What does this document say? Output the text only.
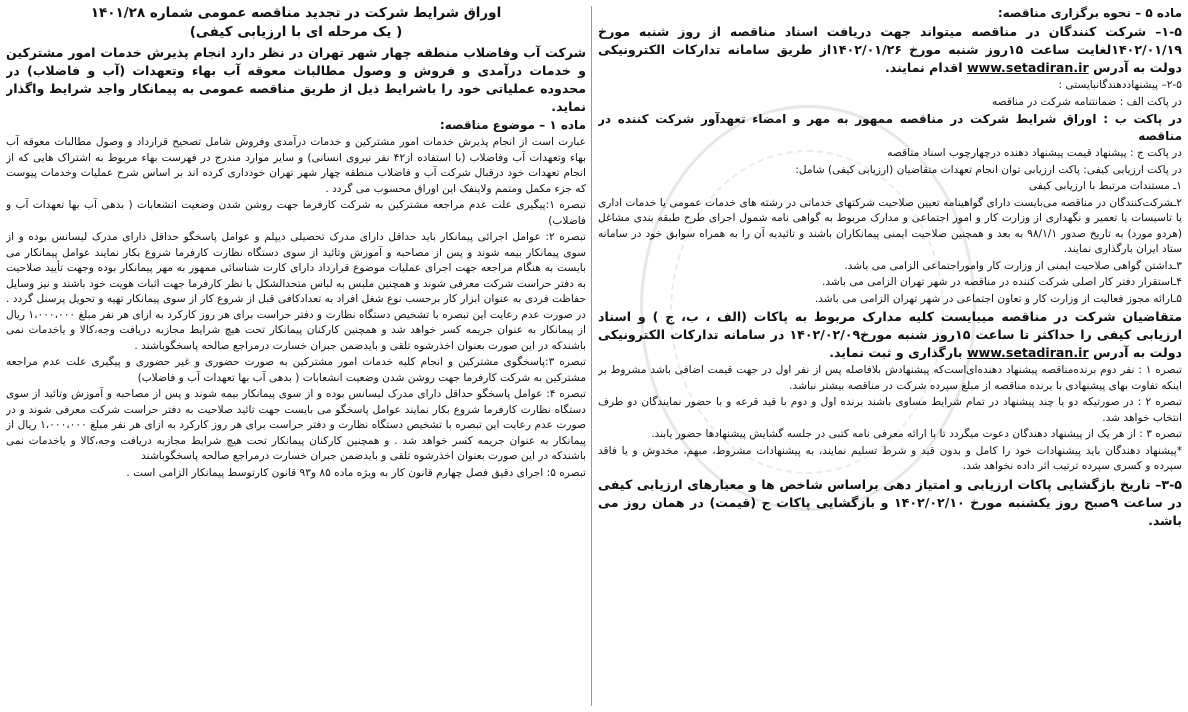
اوراق شرایط شرکت در تجدید مناقصه عمومی شماره ۱۴۰۱/۲۸

( یک مرحله ای با ارزیابی کیفی)

شرکت آب وفاضلاب منطقه چهار شهر تهران در نظر دارد انجام پذیرش خدمات امور مشترکین و خدمات درآمدی و فروش و وصول مطالبات معوقه آب بهاء وتعهدات (آب و فاضلاب) در محدوده عملیاتی خود را باشرایط ذیل از طریق مناقصه عمومی به پیمانکار واجد شرایط واگذار نماید.

ماده ۱ – موضوع مناقصه:

عبارت است از انجام پذیرش خدمات امور مشترکین و خدمات درآمدی وفروش شامل تصحیح قرارداد و وصول مطالبات معوقه آب بهاء وتعهدات آب وفاضلاب (با استفاده از۴۲ نفر نیروی انسانی) و سایر موارد مندرج در فهرست بهاء مربوط به اشتراک هایی که از انجام تعهدات خود درقبال شرکت آب و فاضلاب منطقه چهار شهر تهران خودداری کرده اند بر اساس شرح عملیات وخدمات پیوست که جزء مکمل ومتمم ولاینفک این اوراق محسوب می گردد .

تبصره ۱:پیگیری علت عدم مراجعه مشترکین به شرکت کارفرما جهت روشن شدن وضعیت انشعابات ( بدهی آب بها تعهدات آب و فاضلاب)

تبصره ۲: عوامل اجرائی پیمانکار باید حداقل دارای مدرک تحصیلی دیپلم و عوامل پاسخگو حداقل دارای مدرک لیسانس بوده و از سوی پیمانکار بیمه شوند و پس از مصاحبه و آموزش وتائید از سوی دستگاه نظارت کارفرما شروع بکار نمایند عوامل پیمانکار می بایست به هنگام مراجعه جهت اجرای عملیات موضوع قرارداد دارای کارت شناسائی ممهور به مهر پیمانکار بوده وجهت تأیید صلاحیت به دفتر حراست شرکت معرفی شوند و همچنین ملبس به لباس متحدالشکل با نظر کارفرما جهت اثبات هویت خود باشند و نیز وسایل حفاظت فردی به عنوان ابزار کار برحسب نوع شغل افراد به تعدادکافی قبل از شروع کار از سوی پیمانکار تهیه و تحویل پرسنل گردد . در صورت عدم رعایت این تبصره با تشخیص دستگاه نظارت و دفتر حراست برای هر روز کارکرد به ازای هر نفر مبلغ ۱،۰۰۰،۰۰۰ ریال از پیمانکار به عنوان جریمه کسر خواهد شد و همچنین کارکنان پیمانکار تحت هیچ شرایط مجازبه دریافت وجه،کالا و یاخدمات نمی باشندکه در این صورت بعنوان اخذرشوه تلقی و بایدضمن جبران خسارت درمراجع صالحه پاسخگوباشند .

تبصره ۳:پاسخگوی مشترکین و انجام کلیه خدمات امور مشترکین به صورت حضوری و غیر حضوری و پیگیری علت عدم مراجعه مشترکین به شرکت کارفرما جهت روشن شدن وضعیت انشعابات ( بدهی آب بها تعهدات آب و فاضلاب)

تبصره ۴: عوامل پاسخگو حداقل دارای مدرک لیسانس بوده و از سوی پیمانکار بیمه شوند و پس از مصاحبه و آموزش وتائید از سوی دستگاه نظارت کارفرما شروع بکار نمایند عوامل پاسخگو می بایست جهت تائید صلاحیت به دفتر حراست شرکت معرفی شوند و در صورت عدم رعایت این تبصره با تشخیص دستگاه نظارت و دفتر حراست برای هر روز کارکرد به ازای هر نفر مبلغ ۱،۰۰۰،۰۰۰ ریال از پیمانکار به عنوان جریمه کسر خواهد شد . و همچنین کارکنان پیمانکار تحت هیچ شرایط مجازبه دریافت وجه،کالا و یاخدمات نمی باشندکه در این صورت بعنوان اخذرشوه تلقی و بایدضمن جبران خسارت درمراجع صالحه پاسخگوباشند

تبصره ۵: اجرای دقیق فصل چهارم قانون کار به ویژه ماده ۸۵ و۹۳ قانون کارتوسط پیمانکار الزامی است .

ماده ۵ – نحوه برگزاری مناقصه:

۱-۵– شرکت کنندگان در مناقصه میتواند جهت دریافت اسناد مناقصه از روز شنبه مورخ ۱۴۰۲/۰۱/۱۹لغایت ساعت ۱۵روز شنبه مورخ ۱۴۰۲/۰۱/۲۶از طریق سامانه تدارکات الکترونیکی دولت به آدرس www.setadiran.ir اقدام نمایند.

۲-۵– پیشنهاددهندگانبایستی :

در پاکت الف : ضمانتنامه شرکت در مناقصه

در پاکت ب : اوراق شرایط شرکت در مناقصه ممهور به مهر و امضاء تعهدآور شرکت کننده در مناقصه

در پاکت ج : پیشنهاد قیمت پیشنهاد دهنده درچهارچوب اسناد مناقصه

در پاکت ارزیابی کیفی: پاکت ارزیابی توان انجام تعهدات متقاضیان (ارزیابی کیفی) شامل:

۱ـ مستندات مرتبط با ارزیابی کیفی

۲ـشرکت‌کنندگان در مناقصه می‌بایست دارای گواهینامه تعیین صلاحیت شرکتهای خدماتی در رشته های خدمات عمومی یا خدمات اداری یا تاسیسات یا تعمیر و نگهداری از وزارت کار و امور اجتماعی و مدارک مربوط به گواهی نامه شمول اجرای طرح طبقه بندی مشاغل (هردو مورد) به تاریخ صدور ۹۸/۱/۱ به بعد و همچنین صلاحیت ایمنی پیمانکاران باشند و تائیدیه آن را به همراه سوابق خود در سامانه ستاد ایران بارگذاری نمایند.

۳ـداشتن گواهی صلاحیت ایمنی از وزارت کار وامور‌اجتماعی الزامی می باشد.

۴ـاستقرار دفتر کار اصلی شرکت کننده در مناقصه در شهر تهران الزامی می باشد.

۵ـارائه مجوز فعالیت از وزارت کار و تعاون اجتماعی در شهر تهران الزامی می باشد.

متقاضیان شرکت در مناقصه میبایست کلیه مدارک مربوط به پاکات (الف ، ب، ج ) و اسناد ارزیابی کیفی را حداکثر تا ساعت ۱۵روز شنبه مورخ۱۴۰۲/۰۲/۰۹ در سامانه تدارکات الکترونیکی دولت به آدرس www.setadiran.ir بارگذاری و ثبت نماید.

تبصره ۱ : نفر دوم برنده‌مناقصه پیشنهاد دهنده‌ای‌است‌که پیشنهادش بلافاصله پس از نفر اول در جهت قیمت اضافی باشد مشروط بر اینکه تفاوت بهای پیشنهادی با برنده مناقصه از مبلغ سپرده شرکت در مناقصه بیشتر نباشد.

تبصره ۲ : در صورتیکه دو یا چند پیشنهاد در تمام شرایط مساوی باشند برنده اول و دوم با قید قرعه و با حضور نمایندگان دو طرف انتخاب خواهد شد.

تبصره ۳ : از هر یک از پیشنهاد دهندگان دعوت میگردد تا با ارائه معرفی نامه کتبی در جلسه گشایش پیشنهادها حضور یابند.

*پیشنهاد دهندگان باید پیشنهادات خود را کامل و بدون قید و شرط تسلیم نمایند، به پیشنهادات مشروط، مبهم، مخدوش و یا فاقد سپرده و کسری سپرده ترتیب اثر داده نخواهد شد.

۳-۵– تاریخ بازگشایی پاکات ارزیابی و امتیاز دهی براساس شاخص ها و معیارهای ارزیابی کیفی در ساعت ۹صبح روز یکشنبه مورخ ۱۴۰۲/۰۲/۱۰ و بازگشایی پاکات ج (قیمت) در همان روز می باشد.
